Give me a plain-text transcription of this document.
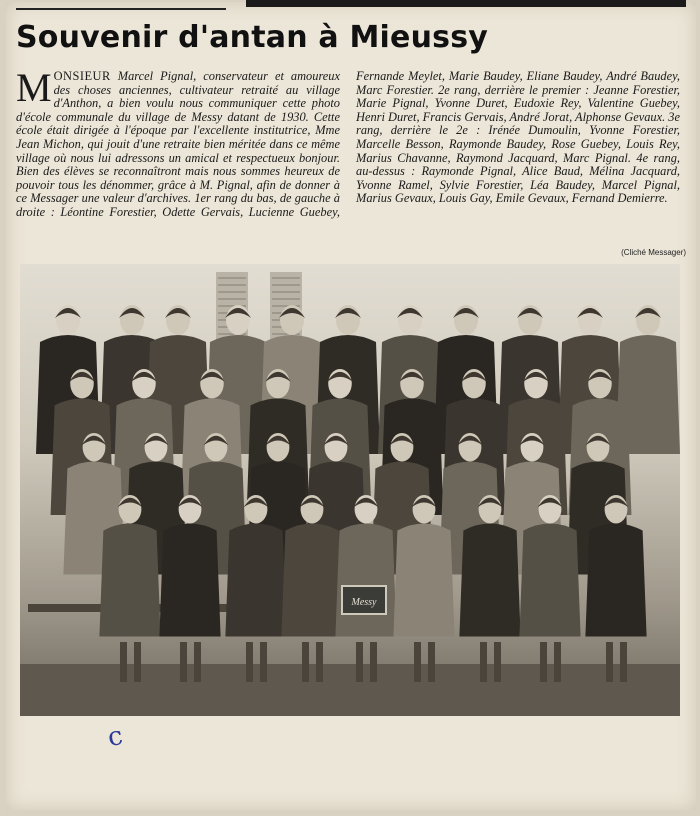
Souvenir d'antan à Mieussy

MONSIEUR Marcel Pignal, conservateur et amoureux des choses anciennes, cultivateur retraité au village d'Anthon, a bien voulu nous communiquer cette photo d'école communale du village de Messy datant de 1930. Cette école était dirigée à l'époque par l'excellente institutrice, Mme Jean Michon, qui jouit d'une retraite bien méritée dans ce même village où nous lui adressons un amical et respectueux bonjour. Bien des élèves se reconnaîtront mais nous sommes heureux de pouvoir tous les dénommer, grâce à M. Pignal, afin de donner à ce Messager une valeur d'archives. 1er rang du bas, de gauche à droite : Léontine Forestier, Odette Gervais, Lucienne Guebey, Fernande Meylet, Marie Baudey, Eliane Baudey, André Baudey, Marc Forestier. 2e rang, derrière le premier : Jeanne Forestier, Marie Pignal, Yvonne Duret, Eudoxie Rey, Valentine Guebey, Henri Duret, Francis Gervais, André Jorat, Alphonse Gevaux. 3e rang, derrière le 2e : Irénée Dumoulin, Yvonne Forestier, Marcelle Besson, Raymonde Baudey, Rose Guebey, Louis Rey, Marius Chavanne, Raymond Jacquard, Marc Pignal. 4e rang, au-dessus : Raymonde Pignal, Alice Baud, Mélina Jacquard, Yvonne Ramel, Sylvie Forestier, Léa Baudey, Marcel Pignal, Marius Gevaux, Louis Gay, Emile Gevaux, Fernand Demierre.

(Cliché Messager)
Messy
c
